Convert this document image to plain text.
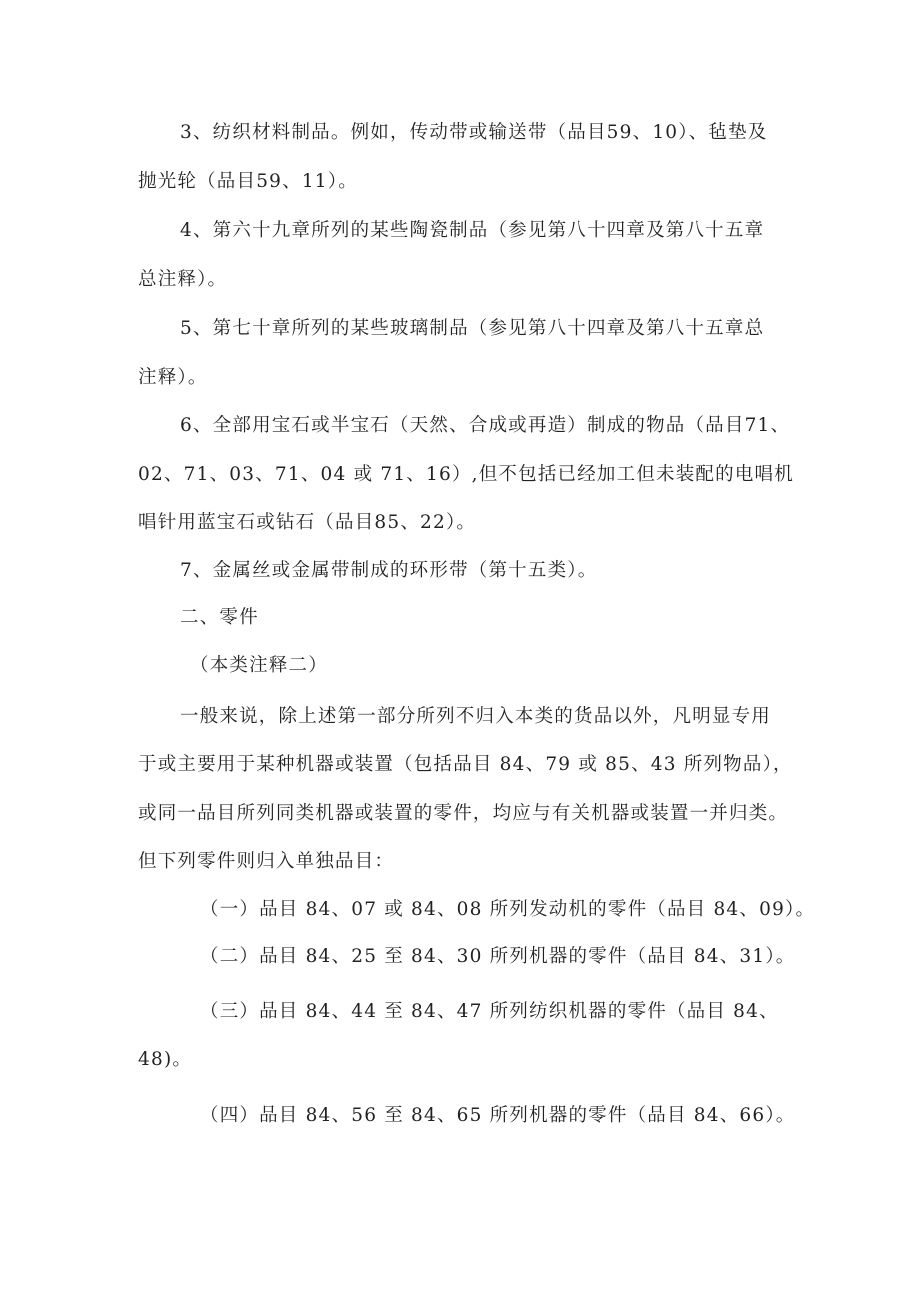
3、纺织材料制品。例如，传动带或输送带（品目59、10）、毡垫及
抛光轮（品目59、11）。
4、第六十九章所列的某些陶瓷制品（参见第八十四章及第八十五章
总注释）。
5、第七十章所列的某些玻璃制品（参见第八十四章及第八十五章总
注释）。
6、全部用宝石或半宝石（天然、合成或再造）制成的物品（品目71、
02、71、03、71、04 或 71、16）,但不包括已经加工但未装配的电唱机
唱针用蓝宝石或钻石（品目85、22）。
7、金属丝或金属带制成的环形带（第十五类）。
二、零件
（本类注释二）
一般来说，除上述第一部分所列不归入本类的货品以外，凡明显专用
于或主要用于某种机器或装置（包括品目 84、79 或 85、43 所列物品），
或同一品目所列同类机器或装置的零件，均应与有关机器或装置一并归类。
但下列零件则归入单独品目：
（一）品目 84、07 或 84、08 所列发动机的零件（品目 84、09）。
（二）品目 84、25 至 84、30 所列机器的零件（品目 84、31）。
（三）品目 84、44 至 84、47 所列纺织机器的零件（品目 84、
48)。
（四）品目 84、56 至 84、65 所列机器的零件（品目 84、66）。
